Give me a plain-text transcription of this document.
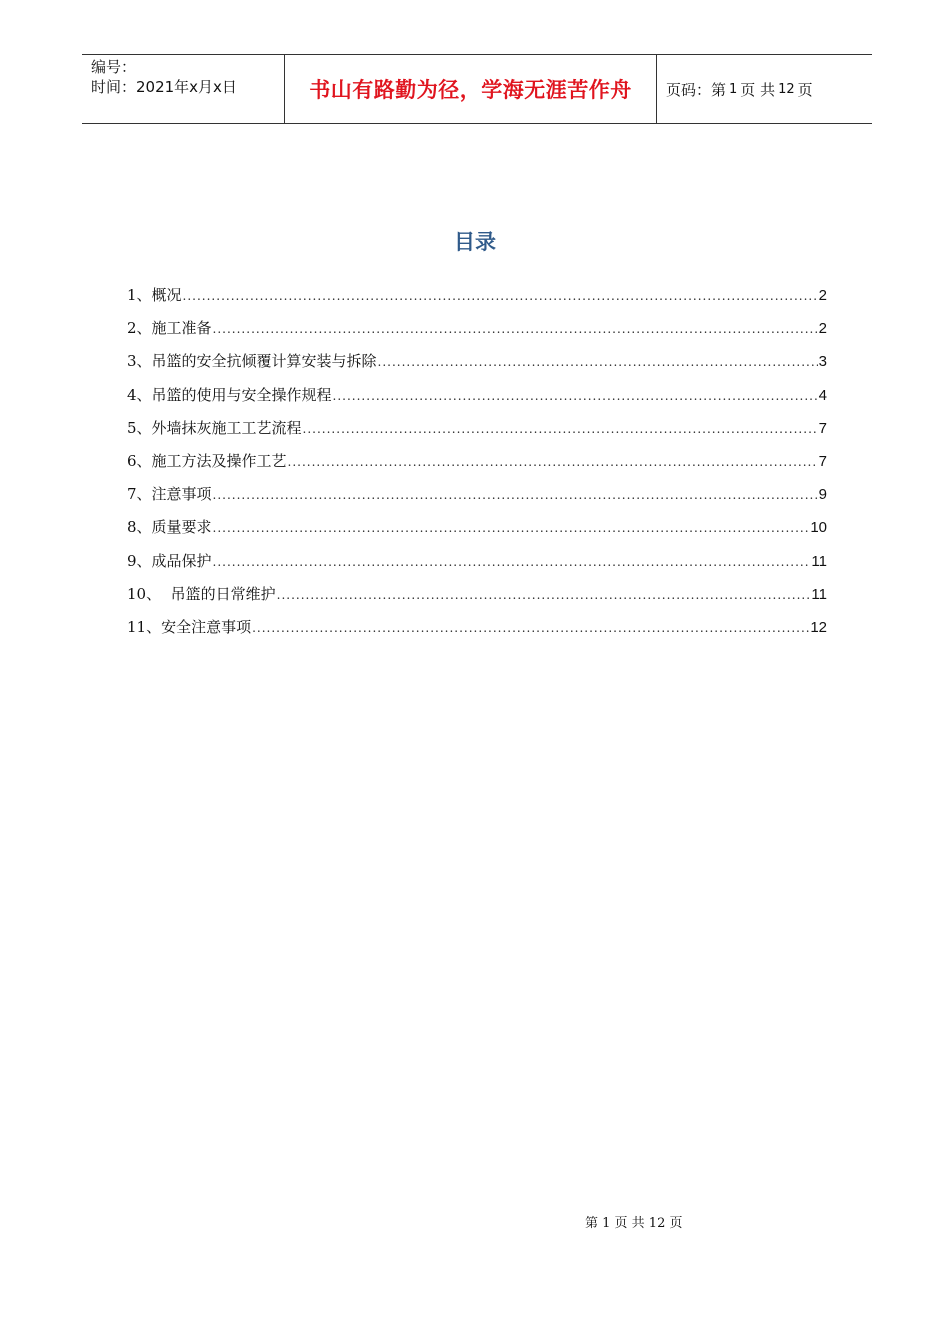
编号：
时间：2021年x月x日	书山有路勤为径，学海无涯苦作舟	页码：第 1 页 共 12 页
目录
1、概况 .....	2
2、施工准备 .....	2
3、吊篮的安全抗倾覆计算安装与拆除 .....	3
4、吊篮的使用与安全操作规程 .....	4
5、外墙抹灰施工工艺流程 .....	7
6、施工方法及操作工艺 .....	7
7、注意事项 .....	9
8、质量要求 .....	10
9、成品保护 .....	11
10、  吊篮的日常维护 .....	11
11、安全注意事项 .....	12
第 1 页 共 12 页
